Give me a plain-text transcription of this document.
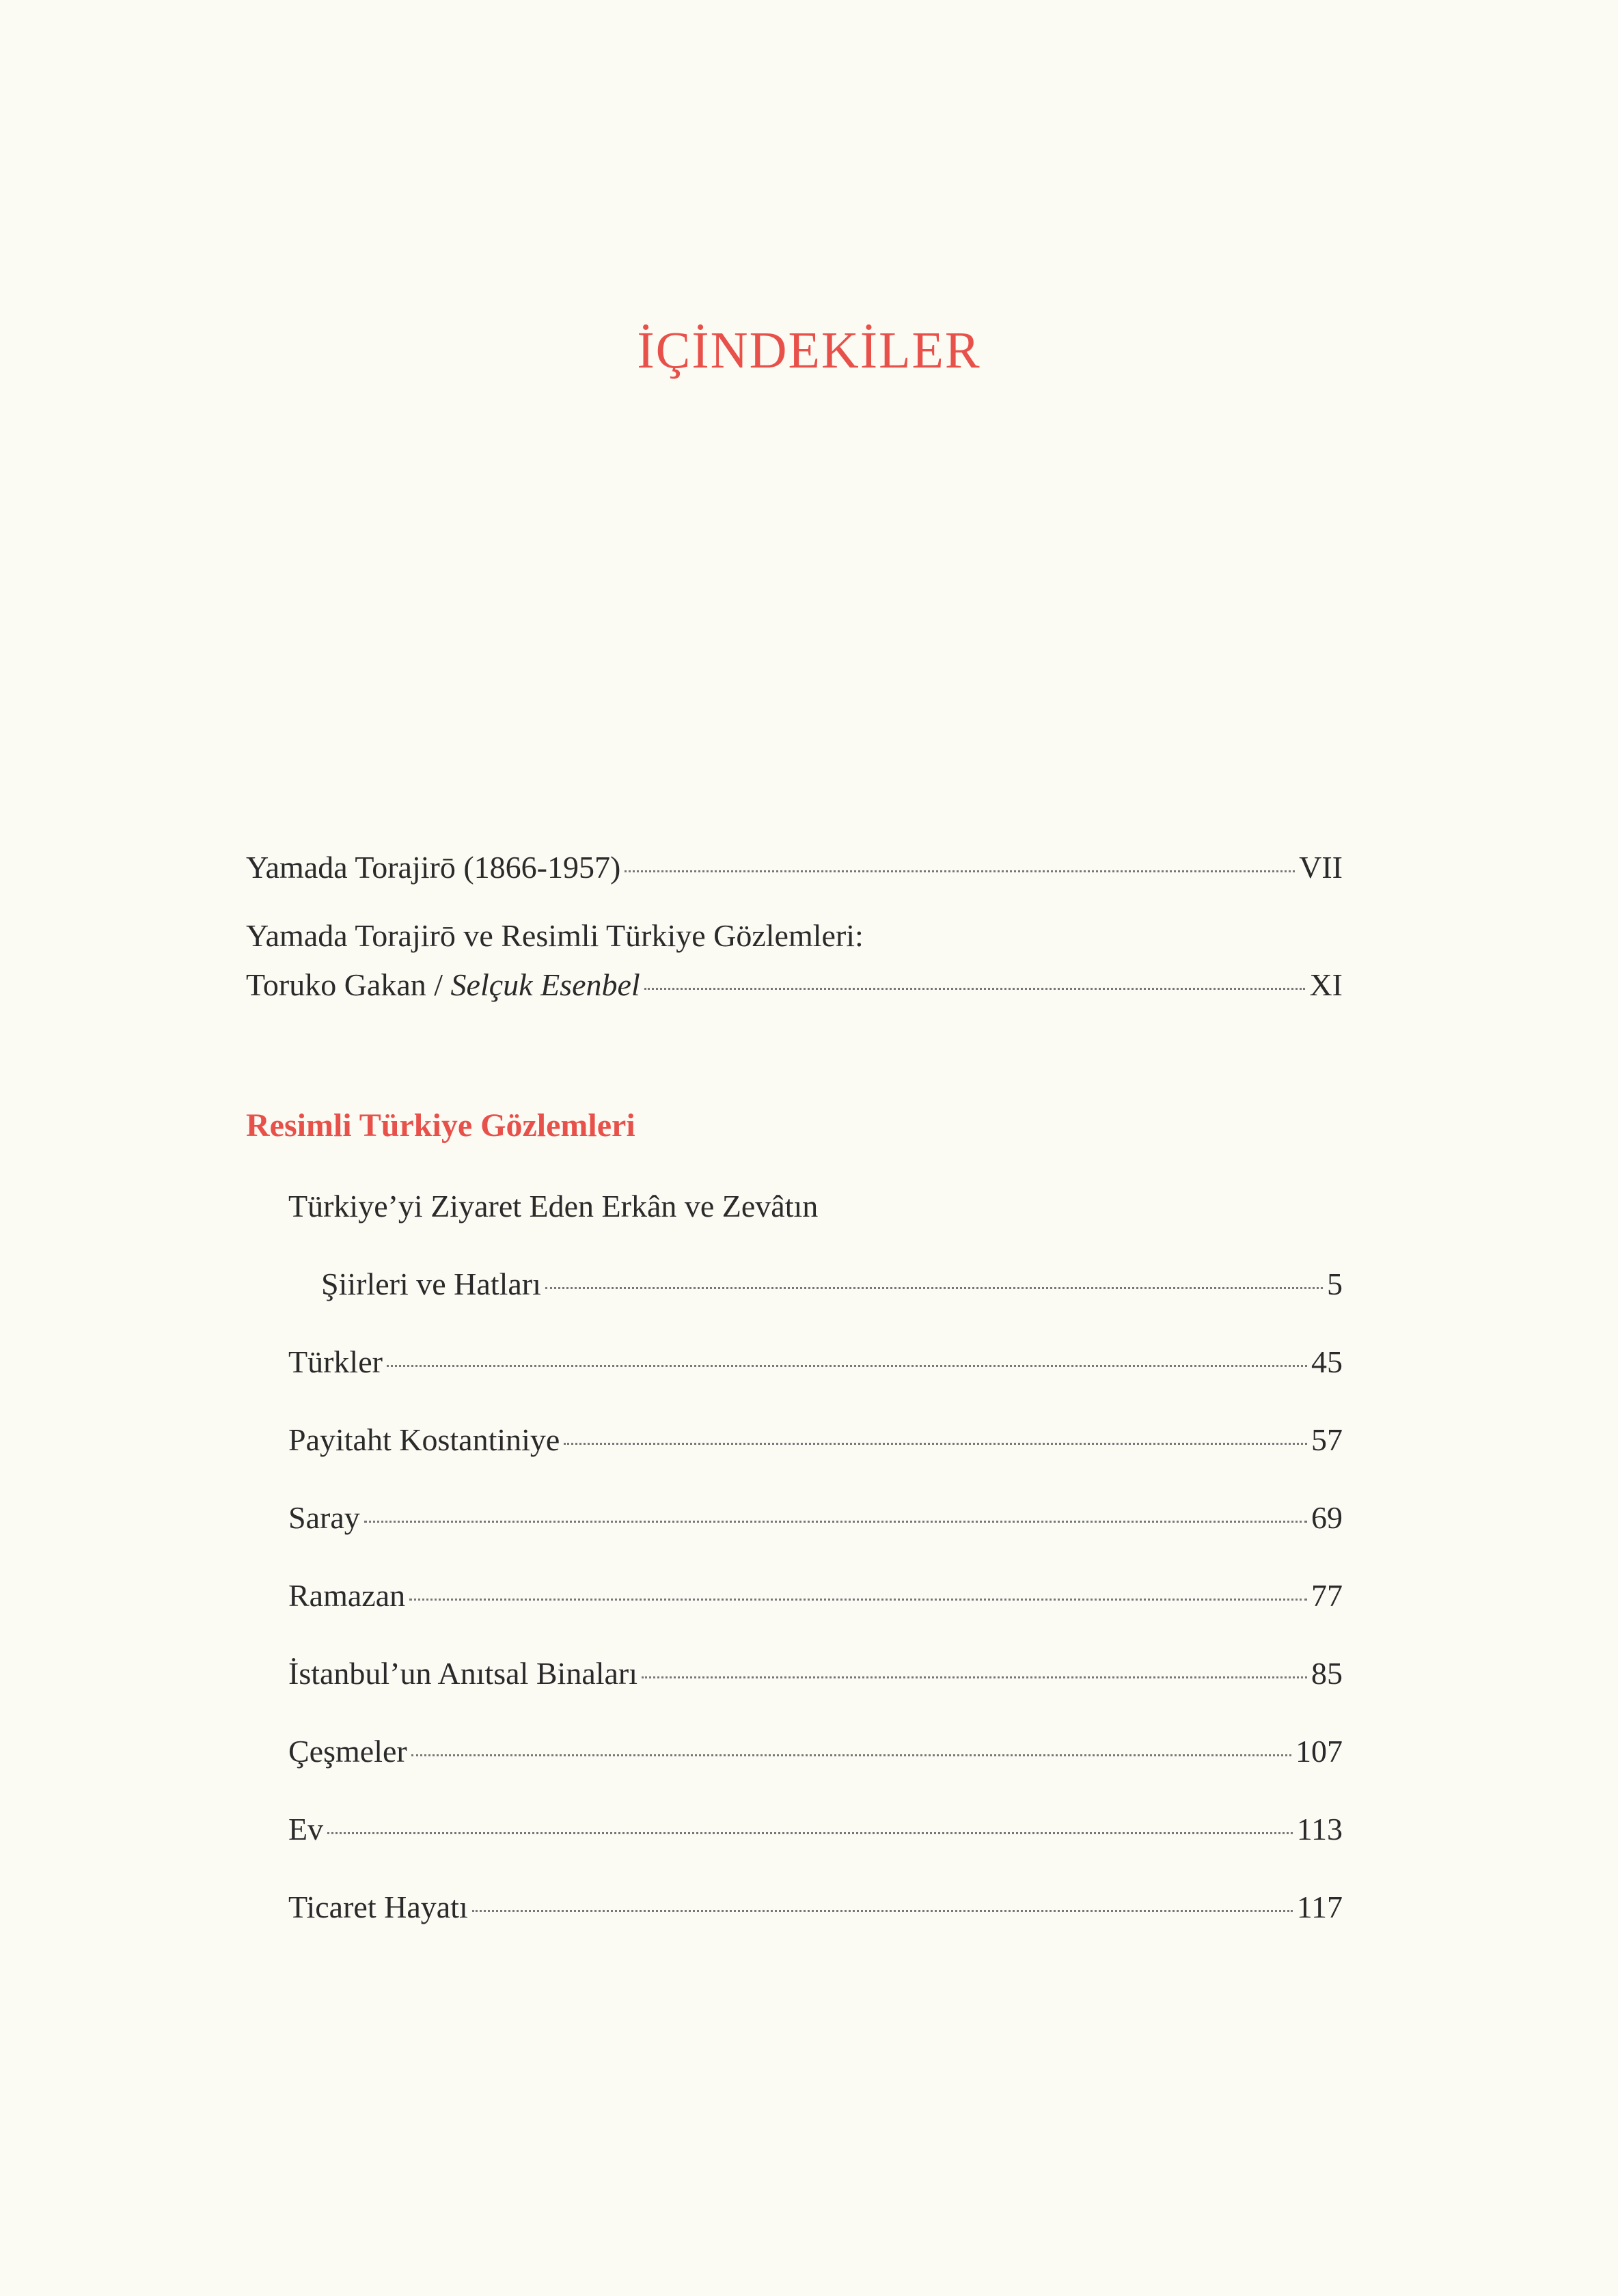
İÇİNDEKİLER
Yamada Torajirō (1866-1957)	VII
Yamada Torajirō ve Resimli Türkiye Gözlemleri:
Toruko Gakan / Selçuk Esenbel	XI
Resimli Türkiye Gözlemleri
Türkiye’yi Ziyaret Eden Erkân ve Zevâtın
Şiirleri ve Hatları	5
Türkler	45
Payitaht Kostantiniye	57
Saray	69
Ramazan	77
İstanbul’un Anıtsal Binaları	85
Çeşmeler	107
Ev	113
Ticaret Hayatı	117
